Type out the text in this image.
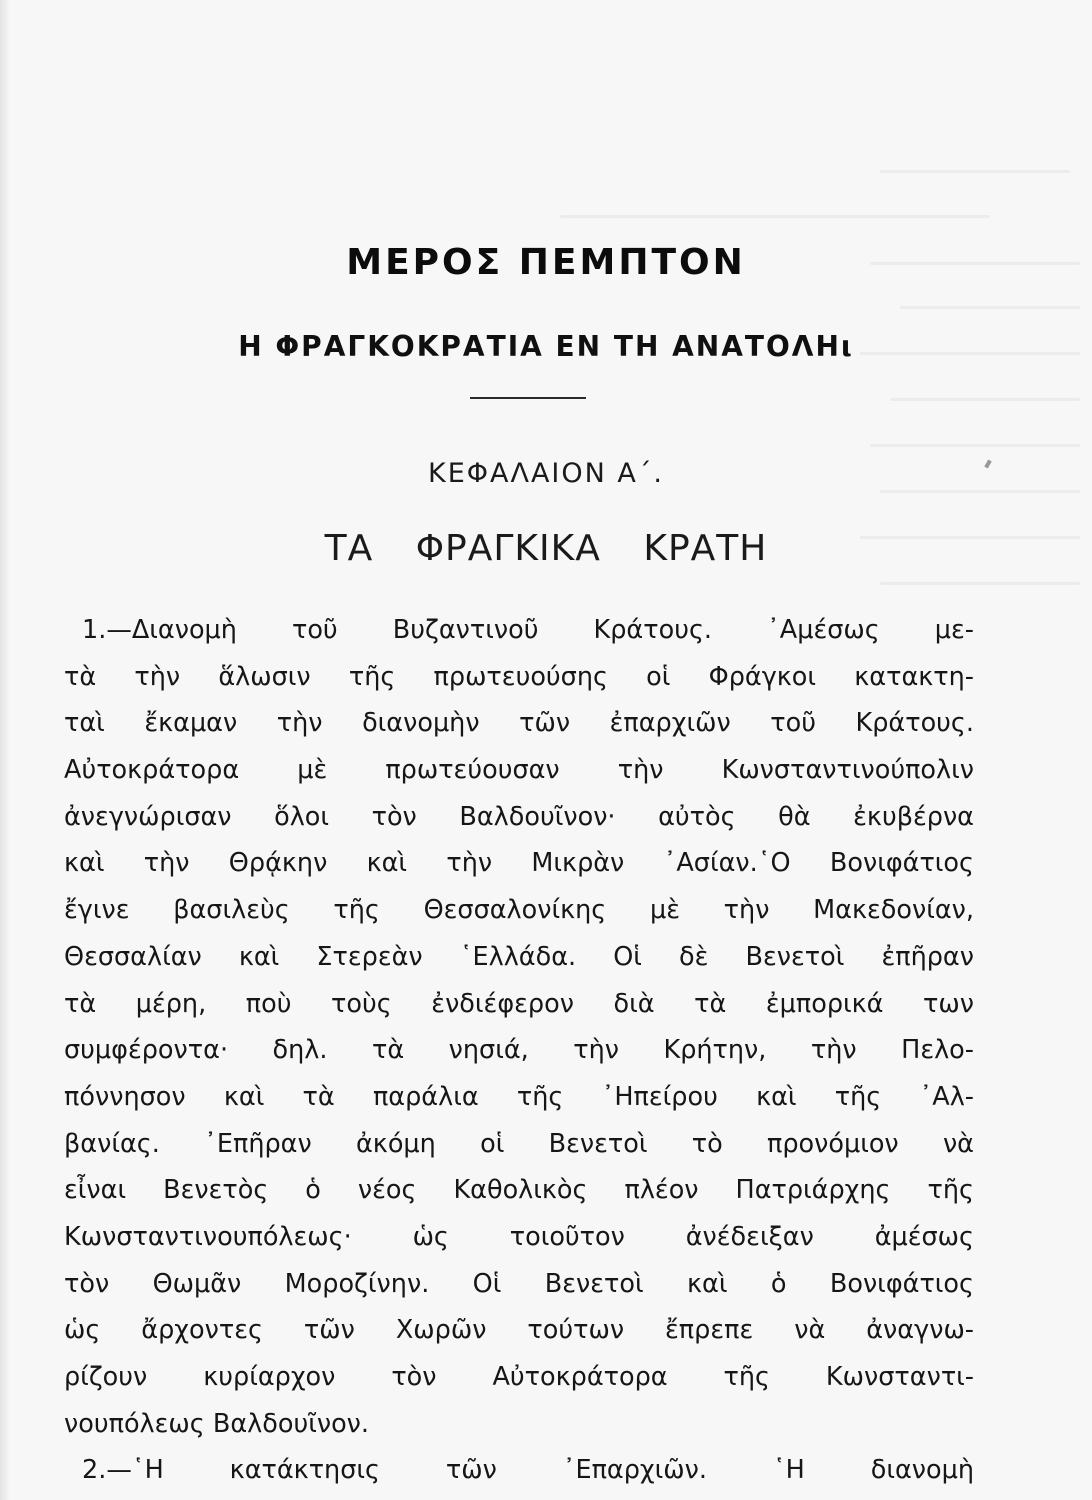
ΜΕΡΟΣ ΠΕΜΠΤΟΝ
Η ΦΡΑΓΚΟΚΡΑΤΙΑ ΕΝ ΤΗ ΑΝΑΤΟΛΗι
ΚΕΦΑΛΑΙΟΝ Α΄.
ΤΑ ΦΡΑΓΚΙΚΑ ΚΡΑΤΗ
1.—Διανομὴ τοῦ Βυζαντινοῦ Κράτους. ᾿Αμέσως με-
τὰ τὴν ἅλωσιν τῆς πρωτευούσης οἱ Φράγκοι κατακτη-
ταὶ ἔκαμαν τὴν διανομὴν τῶν ἐπαρχιῶν τοῦ Κράτους.
Αὐτοκράτορα μὲ πρωτεύουσαν τὴν Κωνσταντινούπολιν
ἀνεγνώρισαν ὅλοι τὸν Βαλδουῖνον· αὐτὸς θὰ ἐκυβέρνα
καὶ τὴν Θρᾴκην καὶ τὴν Μικρὰν ᾿Ασίαν.῾Ο Βονιφάτιος
ἔγινε βασιλεὺς τῆς Θεσσαλονίκης μὲ τὴν Μακεδονίαν,
Θεσσαλίαν καὶ Στερεὰν ῾Ελλάδα. Οἱ δὲ Βενετοὶ ἐπῆραν
τὰ μέρη, ποὺ τοὺς ἐνδιέφερον διὰ τὰ ἐμπορικά των
συμφέροντα· δηλ. τὰ νησιά, τὴν Κρήτην, τὴν Πελο-
πόννησον καὶ τὰ παράλια τῆς ᾿Ηπείρου καὶ τῆς ᾿Αλ-
βανίας. ᾿Επῆραν ἀκόμη οἱ Βενετοὶ τὸ προνόμιον νὰ
εἶναι Βενετὸς ὁ νέος Καθολικὸς πλέον Πατριάρχης τῆς
Κωνσταντινουπόλεως· ὡς τοιοῦτον ἀνέδειξαν ἀμέσως
τὸν Θωμᾶν Μοροζίνην. Οἱ Βενετοὶ καὶ ὁ Βονιφάτιος
ὡς ἄρχοντες τῶν Χωρῶν τούτων ἔπρεπε νὰ ἀναγνω-
ρίζουν κυρίαρχον τὸν Αὐτοκράτορα τῆς Κωνσταντι-
νουπόλεως Βαλδουῖνον.
2.—῾Η κατάκτησις τῶν ᾿Επαρχιῶν. ῾Η διανομὴ
